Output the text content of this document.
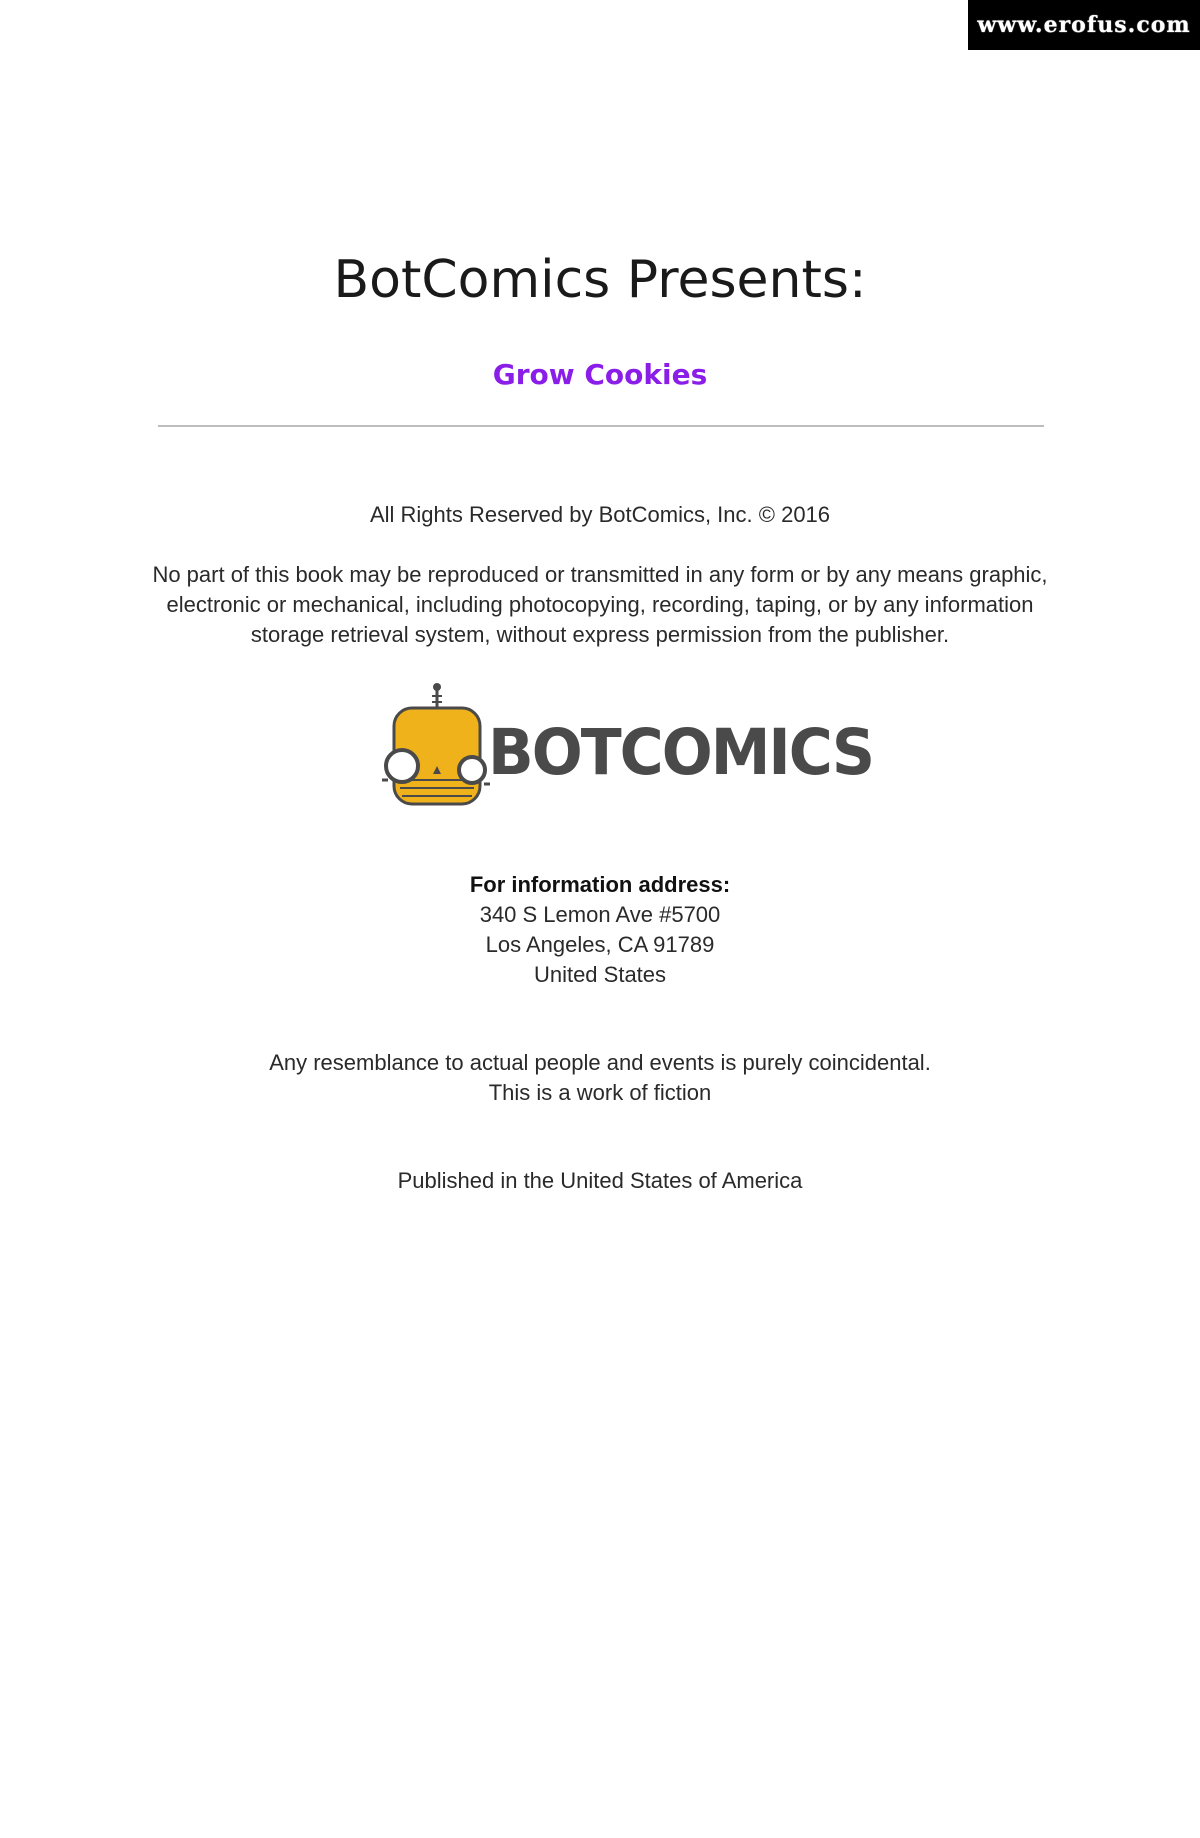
www.erofus.com
BotComics Presents:
Grow Cookies
All Rights Reserved by BotComics, Inc. © 2016
No part of this book may be reproduced or transmitted in any form or by any means graphic,
electronic or mechanical, including photocopying, recording, taping, or by any information
storage retrieval system, without express permission from the publisher.
BOTCOMICS
For information address:
340 S Lemon Ave #5700
Los Angeles, CA 91789
United States
Any resemblance to actual people and events is purely coincidental.
This is a work of fiction
Published in the United States of America
